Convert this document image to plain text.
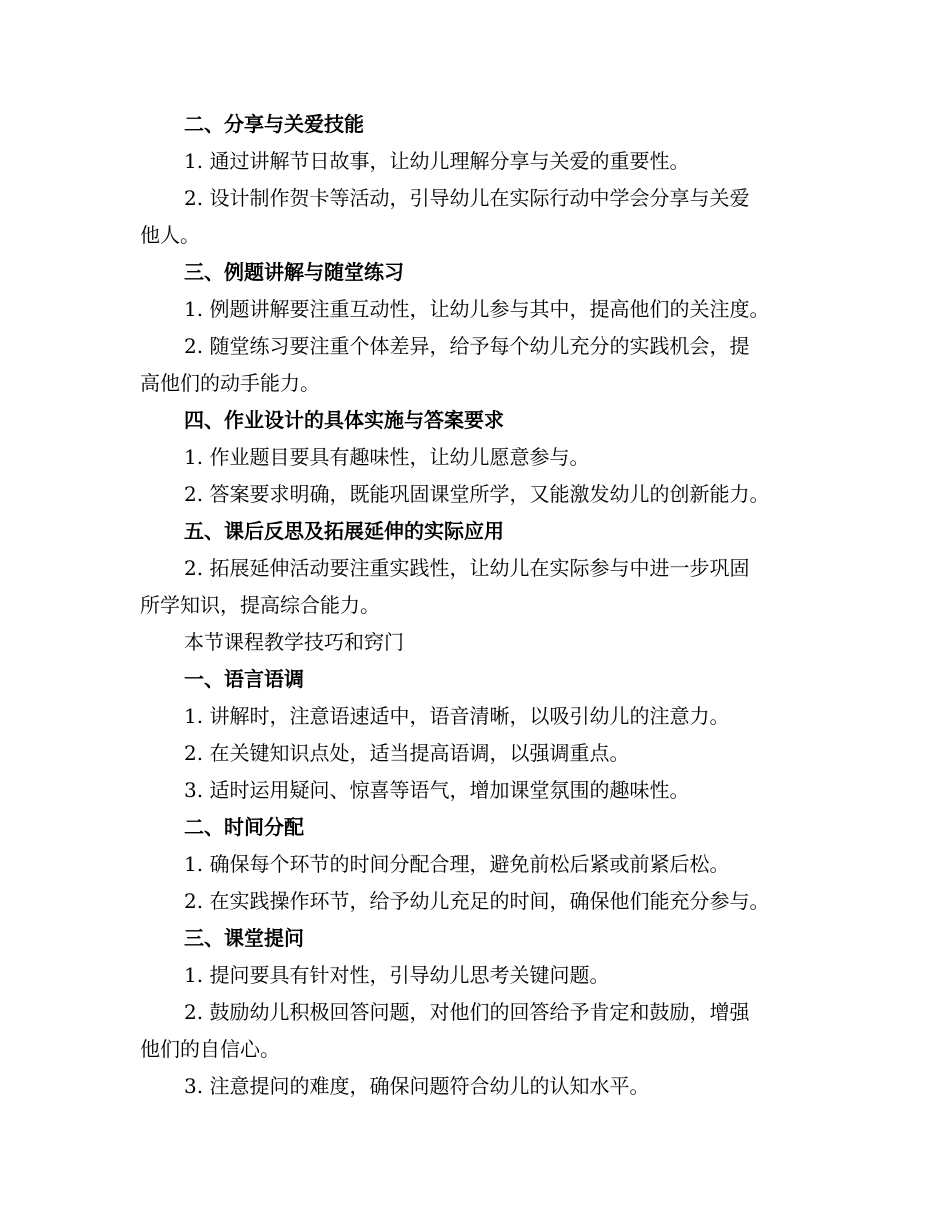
二、分享与关爱技能
1. 通过讲解节日故事，让幼儿理解分享与关爱的重要性。
2. 设计制作贺卡等活动，引导幼儿在实际行动中学会分享与关爱
他人。
三、例题讲解与随堂练习
1. 例题讲解要注重互动性，让幼儿参与其中，提高他们的关注度。
2. 随堂练习要注重个体差异，给予每个幼儿充分的实践机会，提
高他们的动手能力。
四、作业设计的具体实施与答案要求
1. 作业题目要具有趣味性，让幼儿愿意参与。
2. 答案要求明确，既能巩固课堂所学，又能激发幼儿的创新能力。
五、课后反思及拓展延伸的实际应用
2. 拓展延伸活动要注重实践性，让幼儿在实际参与中进一步巩固
所学知识，提高综合能力。
本节课程教学技巧和窍门
一、语言语调
1. 讲解时，注意语速适中，语音清晰，以吸引幼儿的注意力。
2. 在关键知识点处，适当提高语调，以强调重点。
3. 适时运用疑问、惊喜等语气，增加课堂氛围的趣味性。
二、时间分配
1. 确保每个环节的时间分配合理，避免前松后紧或前紧后松。
2. 在实践操作环节，给予幼儿充足的时间，确保他们能充分参与。
三、课堂提问
1. 提问要具有针对性，引导幼儿思考关键问题。
2. 鼓励幼儿积极回答问题，对他们的回答给予肯定和鼓励，增强
他们的自信心。
3. 注意提问的难度，确保问题符合幼儿的认知水平。
